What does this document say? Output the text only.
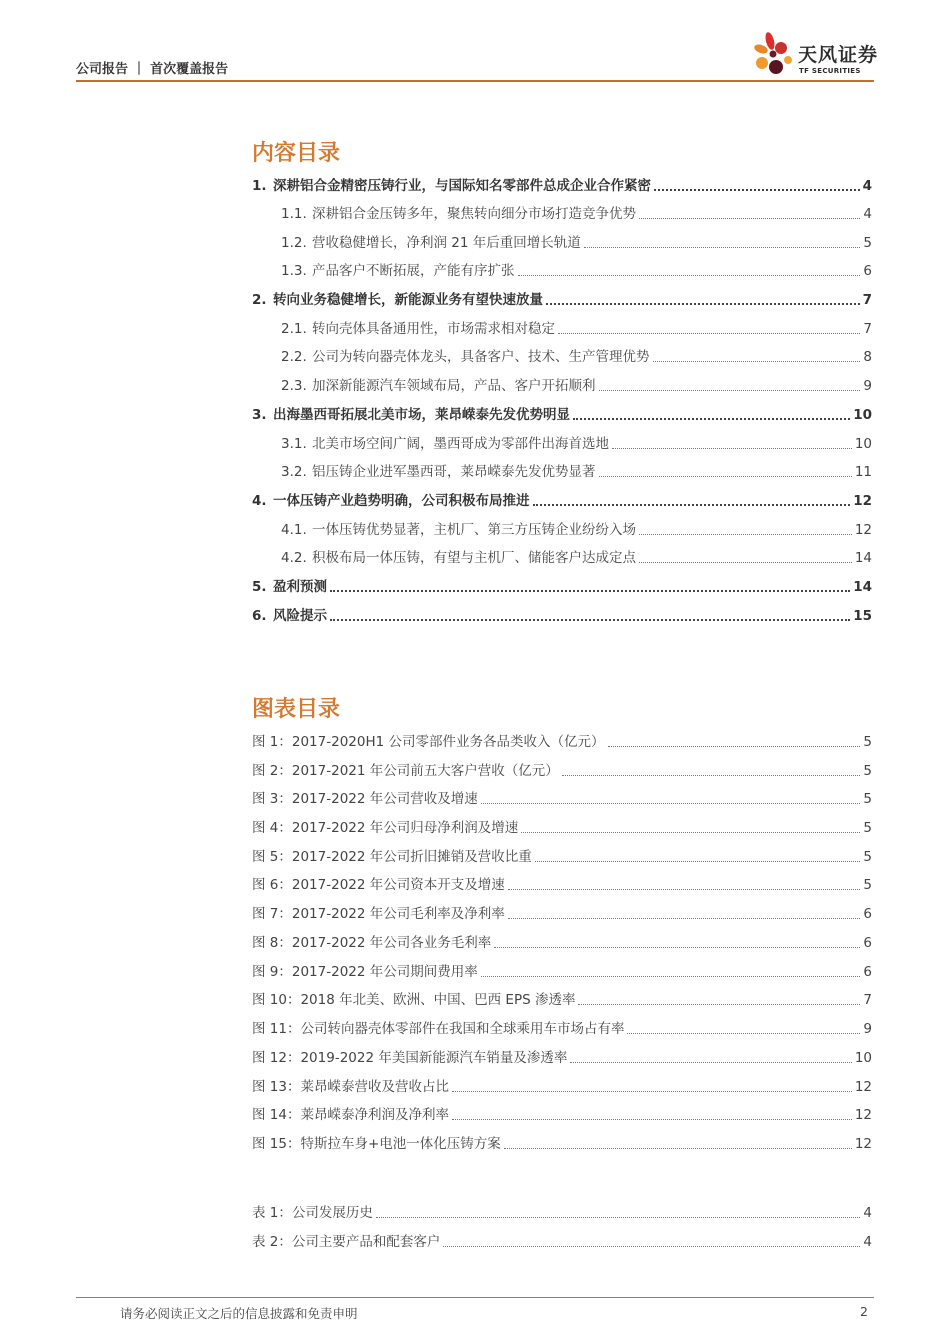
公司报告 ｜ 首次覆盖报告
天风证券
TF SECURITIES
内容目录
1. 深耕铝合金精密压铸行业，与国际知名零部件总成企业合作紧密	4
1.1. 深耕铝合金压铸多年，聚焦转向细分市场打造竞争优势	4
1.2. 营收稳健增长，净利润 21 年后重回增长轨道	5
1.3. 产品客户不断拓展，产能有序扩张	6
2. 转向业务稳健增长，新能源业务有望快速放量	7
2.1. 转向壳体具备通用性，市场需求相对稳定	7
2.2. 公司为转向器壳体龙头，具备客户、技术、生产管理优势	8
2.3. 加深新能源汽车领域布局，产品、客户开拓顺利	9
3. 出海墨西哥拓展北美市场，莱昂嵘泰先发优势明显	10
3.1. 北美市场空间广阔，墨西哥成为零部件出海首选地	10
3.2. 铝压铸企业进军墨西哥，莱昂嵘泰先发优势显著	11
4. 一体压铸产业趋势明确，公司积极布局推进	12
4.1. 一体压铸优势显著，主机厂、第三方压铸企业纷纷入场	12
4.2. 积极布局一体压铸，有望与主机厂、储能客户达成定点	14
5. 盈利预测	14
6. 风险提示	15
图表目录
图 1：2017-2020H1 公司零部件业务各品类收入（亿元）	5
图 2：2017-2021 年公司前五大客户营收（亿元）	5
图 3：2017-2022 年公司营收及增速	5
图 4：2017-2022 年公司归母净利润及增速	5
图 5：2017-2022 年公司折旧摊销及营收比重	5
图 6：2017-2022 年公司资本开支及增速	5
图 7：2017-2022 年公司毛利率及净利率	6
图 8：2017-2022 年公司各业务毛利率	6
图 9：2017-2022 年公司期间费用率	6
图 10：2018 年北美、欧洲、中国、巴西 EPS 渗透率	7
图 11：公司转向器壳体零部件在我国和全球乘用车市场占有率	9
图 12：2019-2022 年美国新能源汽车销量及渗透率	10
图 13：莱昂嵘泰营收及营收占比	12
图 14：莱昂嵘泰净利润及净利率	12
图 15：特斯拉车身+电池一体化压铸方案	12
表 1：公司发展历史	4
表 2：公司主要产品和配套客户	4
请务必阅读正文之后的信息披露和免责申明	2
